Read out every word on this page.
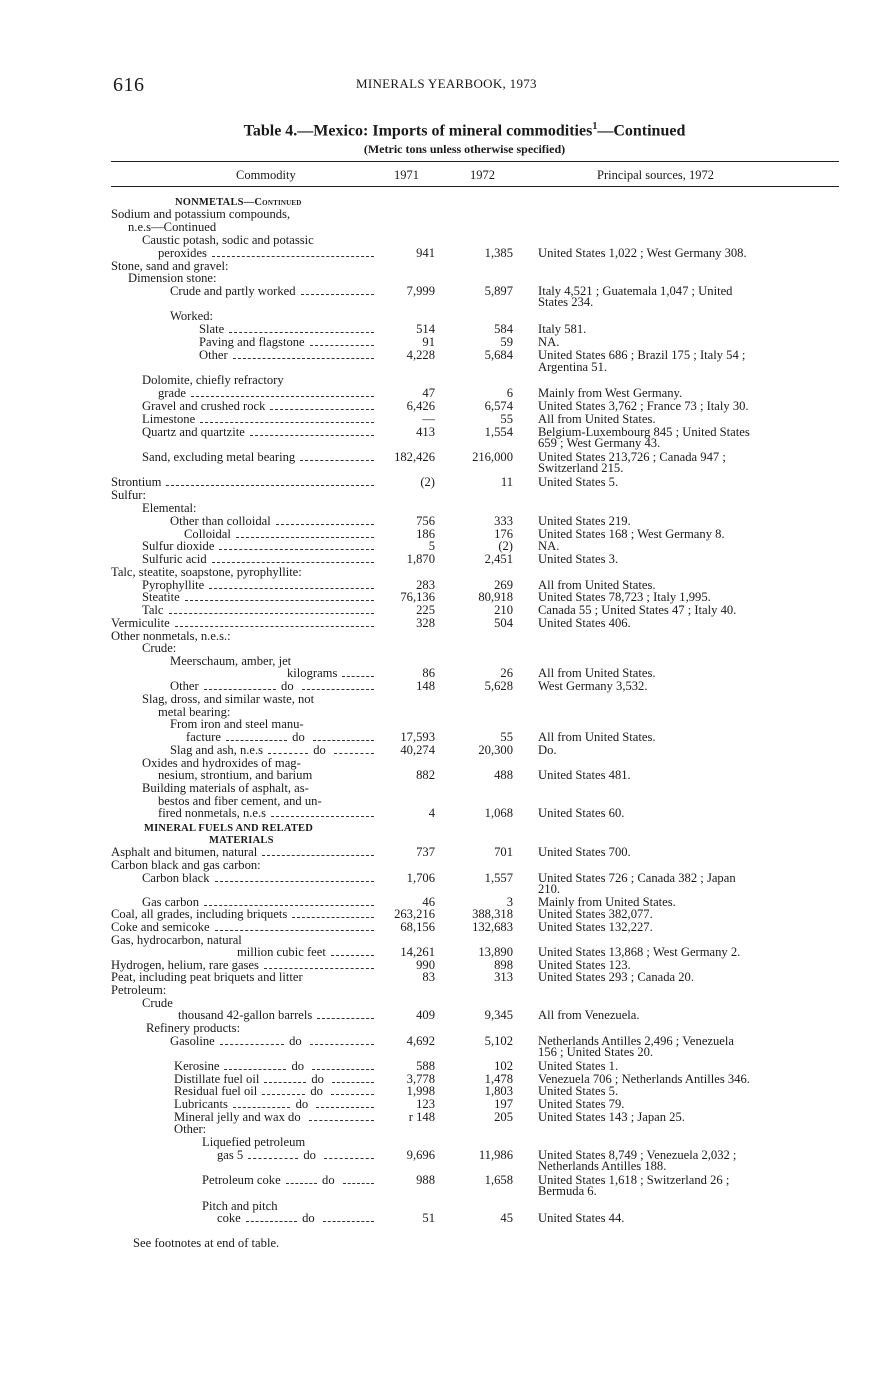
616	MINERALS YEARBOOK, 1973
Table 4.—Mexico: Imports of mineral commodities$^1$—Continued
(Metric tons unless otherwise specified)
Commodity	1971	1972	Principal sources, 1972
NONMETALS—Continued
Sodium and potassium compounds,
n.e.s—Continued
Caustic potash, sodic and potassic
peroxides	941	1,385 United States 1,022 ; West Germany 308.
Stone, sand and gravel:
Dimension stone:
Crude and partly worked	7,999	5,897 Italy 4,521 ; Guatemala 1,047 ; United
States 234.
Worked:
Slate	514	584 Italy 581.
Paving and flagstone	91	59 NA.
Other	4,228	5,684 United States 686 ; Brazil 175 ; Italy 54 ;
Argentina 51.
Dolomite, chiefly refractory
grade	47	6 Mainly from West Germany.
Gravel and crushed rock	6,426	6,574 United States 3,762 ; France 73 ; Italy 30.
Limestone	—	55 All from United States.
Quartz and quartzite	413	1,554 Belgium-Luxembourg 845 ; United States
659 ; West Germany 43.
Sand, excluding metal bearing	182,426	216,000 United States 213,726 ; Canada 947 ;
Switzerland 215.
Strontium	(2)	11 United States 5.
Sulfur:
Elemental:
Other than colloidal	756	333 United States 219.
Colloidal	186	176 United States 168 ; West Germany 8.
Sulfur dioxide	5	(2) NA.
Sulfuric acid	1,870	2,451 United States 3.
Talc, steatite, soapstone, pyrophyllite:
Pyrophyllite	283	269 All from United States.
Steatite	76,136	80,918 United States 78,723 ; Italy 1,995.
Talc	225	210 Canada 55 ; United States 47 ; Italy 40.
Vermiculite	328	504 United States 406.
Other nonmetals, n.e.s.:
Crude:
Meerschaum, amber, jet
kilograms	86	26 All from United States.
Other	do	148	5,628 West Germany 3,532.
Slag, dross, and similar waste, not
metal bearing:
From iron and steel manu-
facture	do	17,593	55 All from United States.
Slag and ash, n.e.s	do	40,274	20,300 Do.
Oxides and hydroxides of mag-
nesium, strontium, and barium	882	488 United States 481.
Building materials of asphalt, as-
bestos and fiber cement, and un-
fired nonmetals, n.e.s	4	1,068 United States 60.
MINERAL FUELS AND RELATED
MATERIALS
Asphalt and bitumen, natural	737	701 United States 700.
Carbon black and gas carbon:
Carbon black	1,706	1,557 United States 726 ; Canada 382 ; Japan
210.
Gas carbon	46	3 Mainly from United States.
Coal, all grades, including briquets	263,216	388,318 United States 382,077.
Coke and semicoke	68,156	132,683 United States 132,227.
Gas, hydrocarbon, natural
million cubic feet	14,261	13,890 United States 13,868 ; West Germany 2.
Hydrogen, helium, rare gases	990	898 United States 123.
Peat, including peat briquets and litter	83	313 United States 293 ; Canada 20.
Petroleum:
Crude
thousand 42-gallon barrels	409	9,345 All from Venezuela.
Refinery products:
Gasoline	do	4,692	5,102 Netherlands Antilles 2,496 ; Venezuela
156 ; United States 20.
Kerosine	do	588	102 United States 1.
Distillate fuel oil	do	3,778	1,478 Venezuela 706 ; Netherlands Antilles 346.
Residual fuel oil	do	1,998	1,803 United States 5.
Lubricants	do	123	197 United States 79.
Mineral jelly and wax do	r 148	205 United States 143 ; Japan 25.
Other:
Liquefied petroleum
gas 5	do	9,696	11,986 United States 8,749 ; Venezuela 2,032 ;
Netherlands Antilles 188.
Petroleum coke	do	988	1,658 United States 1,618 ; Switzerland 26 ;
Bermuda 6.
Pitch and pitch
coke	do	51	45 United States 44.
See footnotes at end of table.
